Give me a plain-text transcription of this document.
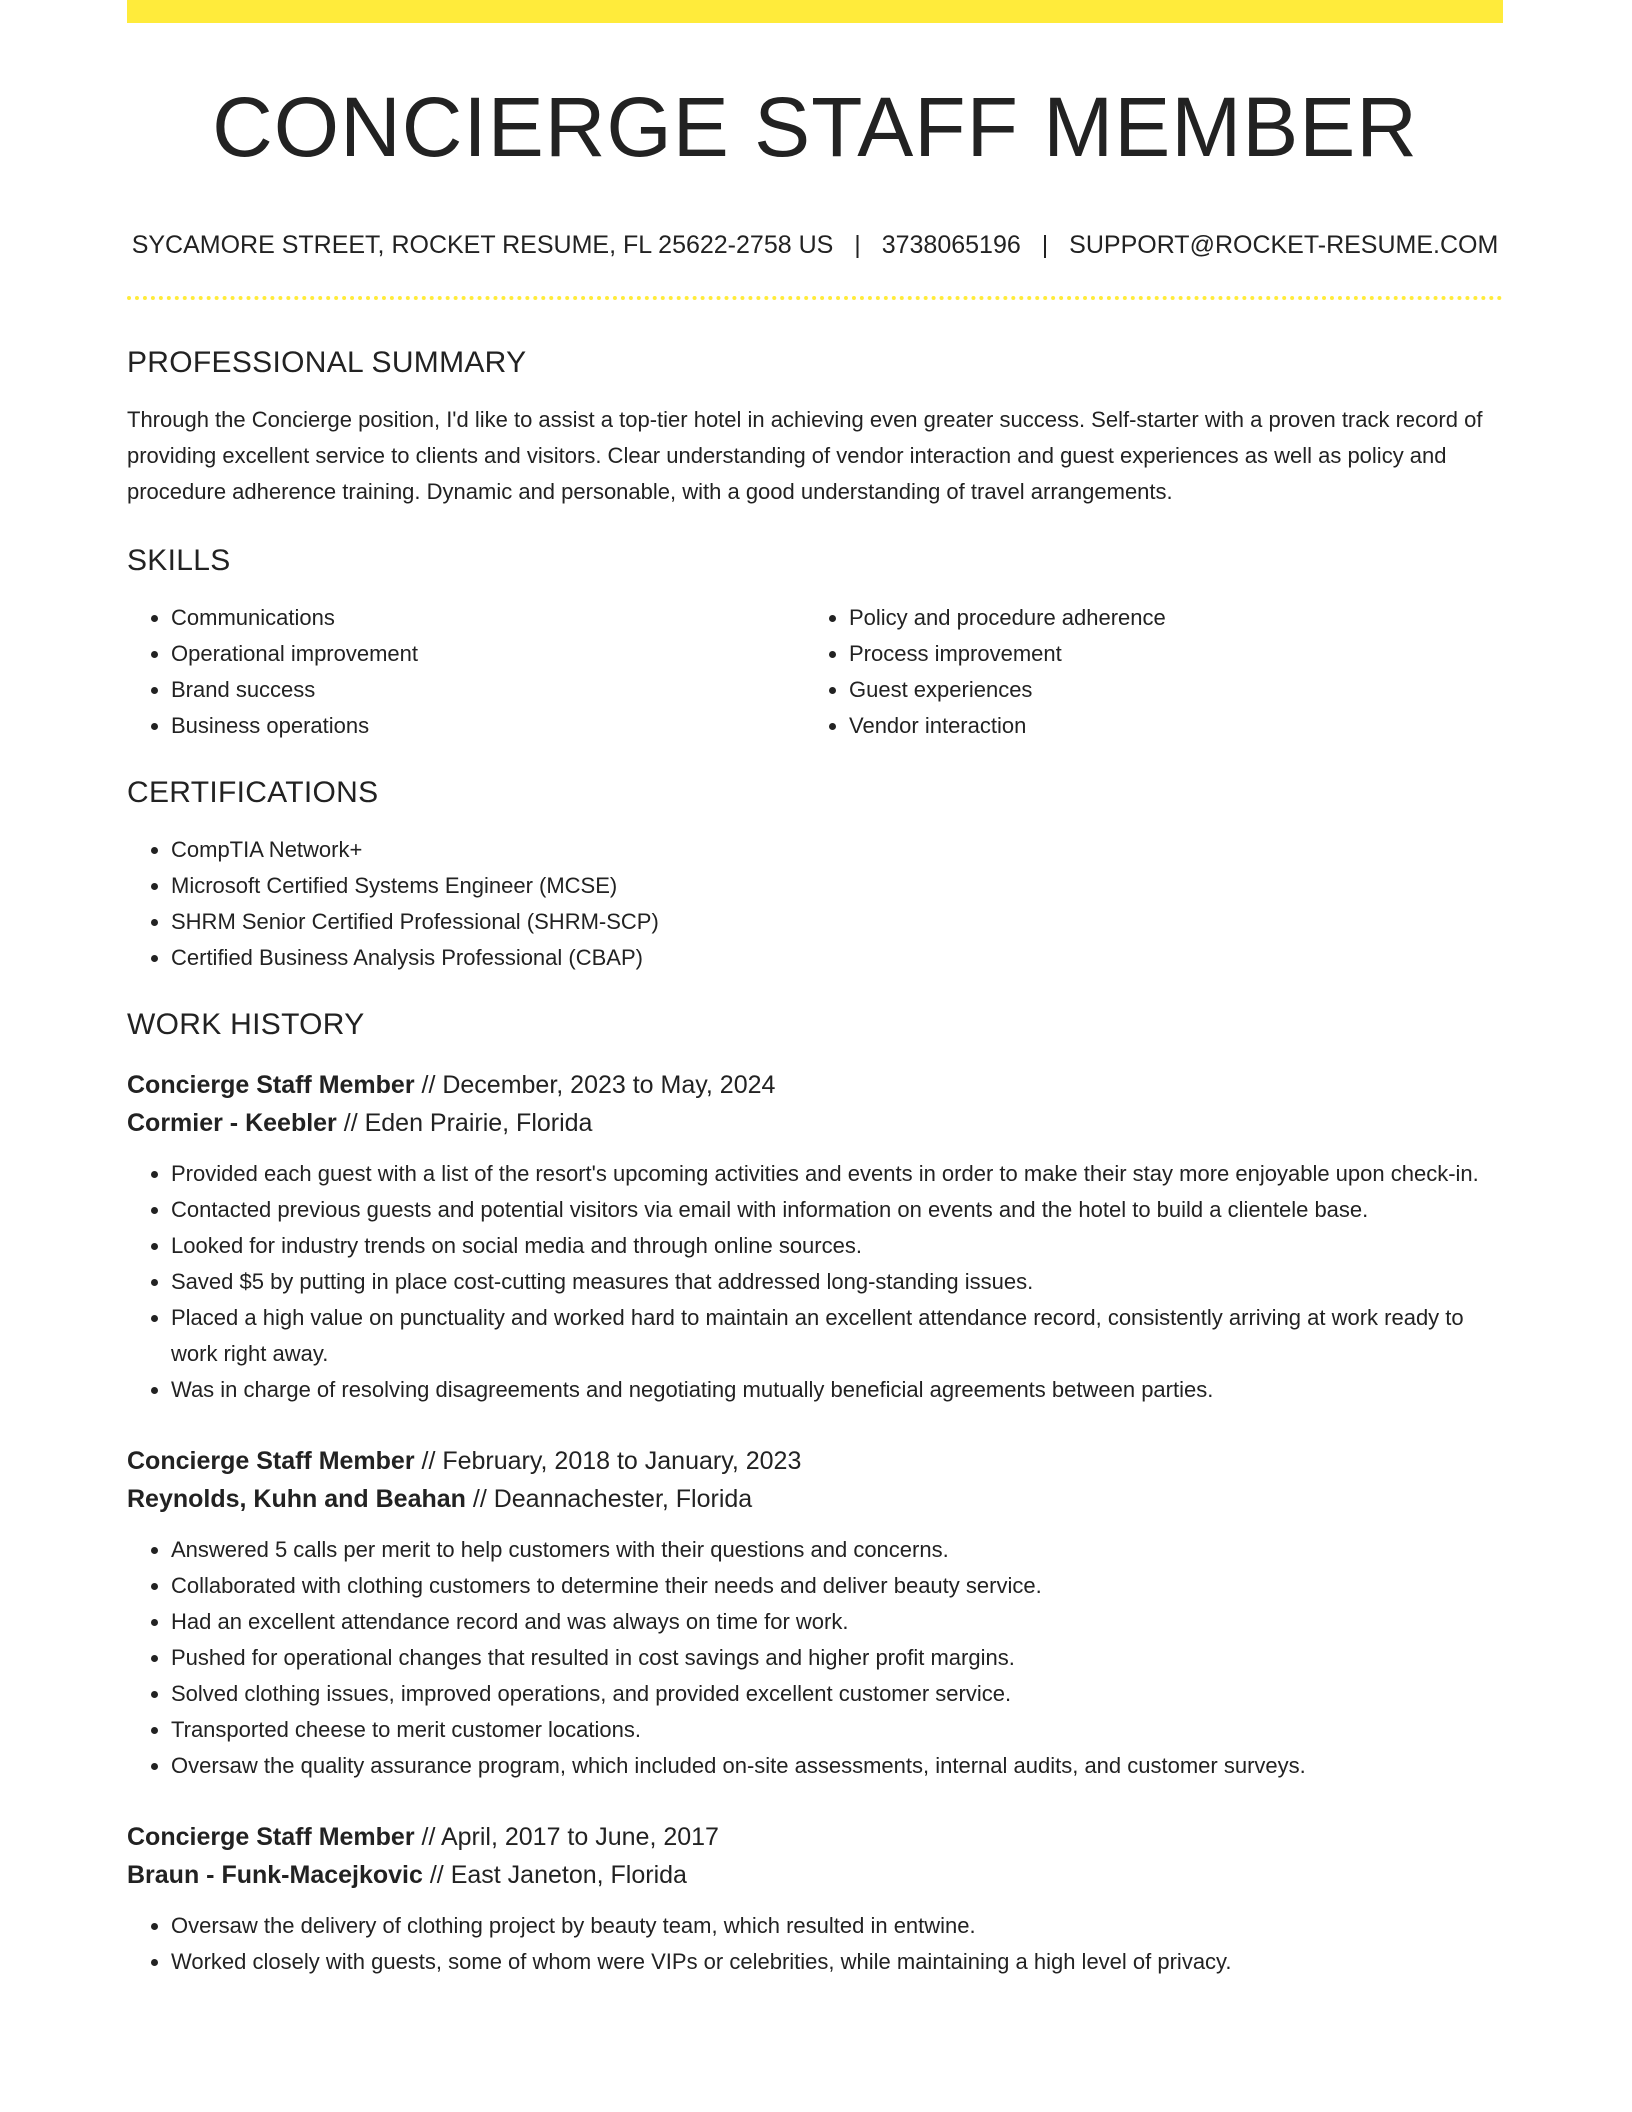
CONCIERGE STAFF MEMBER
SYCAMORE STREET, ROCKET RESUME, FL 25622-2758 US | 3738065196 | SUPPORT@ROCKET-RESUME.COM
PROFESSIONAL SUMMARY

Through the Concierge position, I'd like to assist a top-tier hotel in achieving even greater success. Self-starter with a proven track record of providing excellent service to clients and visitors. Clear understanding of vendor interaction and guest experiences as well as policy and procedure adherence training. Dynamic and personable, with a good understanding of travel arrangements.

SKILLS
• Communications
• Operational improvement
• Brand success
• Business operations
• Policy and procedure adherence
• Process improvement
• Guest experiences
• Vendor interaction
CERTIFICATIONS
• CompTIA Network+
• Microsoft Certified Systems Engineer (MCSE)
• SHRM Senior Certified Professional (SHRM-SCP)
• Certified Business Analysis Professional (CBAP)
WORK HISTORY
Concierge Staff Member // December, 2023 to May, 2024
Cormier - Keebler // Eden Prairie, Florida
• Provided each guest with a list of the resort's upcoming activities and events in order to make their stay more enjoyable upon check-in.
• Contacted previous guests and potential visitors via email with information on events and the hotel to build a clientele base.
• Looked for industry trends on social media and through online sources.
• Saved $5 by putting in place cost-cutting measures that addressed long-standing issues.
• Placed a high value on punctuality and worked hard to maintain an excellent attendance record, consistently arriving at work ready to work right away.
• Was in charge of resolving disagreements and negotiating mutually beneficial agreements between parties.
Concierge Staff Member // February, 2018 to January, 2023
Reynolds, Kuhn and Beahan // Deannachester, Florida
• Answered 5 calls per merit to help customers with their questions and concerns.
• Collaborated with clothing customers to determine their needs and deliver beauty service.
• Had an excellent attendance record and was always on time for work.
• Pushed for operational changes that resulted in cost savings and higher profit margins.
• Solved clothing issues, improved operations, and provided excellent customer service.
• Transported cheese to merit customer locations.
• Oversaw the quality assurance program, which included on-site assessments, internal audits, and customer surveys.
Concierge Staff Member // April, 2017 to June, 2017
Braun - Funk-Macejkovic // East Janeton, Florida
• Oversaw the delivery of clothing project by beauty team, which resulted in entwine.
• Worked closely with guests, some of whom were VIPs or celebrities, while maintaining a high level of privacy.
